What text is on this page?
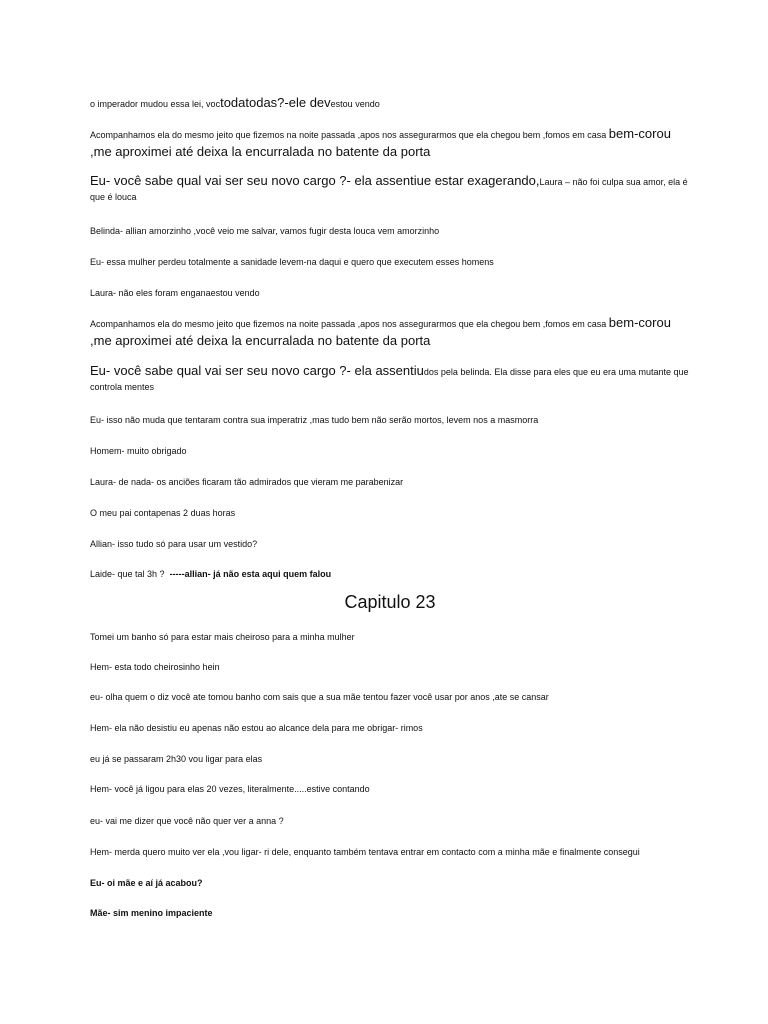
o imperador mudou essa lei, voctodatodas?-ele devestou vendo
Acompanhamos ela do mesmo jeito que fizemos na noite passada ,apos nos assegurarmos que ela chegou bem ,fomos em casa bem-corou ,me aproximei até deixa la encurralada no batente da porta
Eu- você sabe qual vai ser seu novo cargo ?- ela assentiue estar exagerando,Laura – não foi culpa sua amor, ela é que é louca
Belinda- allian amorzinho ,você veio me salvar, vamos fugir desta louca vem amorzinho
Eu- essa mulher perdeu totalmente a sanidade levem-na daqui e quero que executem esses homens
Laura- não eles foram enganaestou vendo
Acompanhamos ela do mesmo jeito que fizemos na noite passada ,apos nos assegurarmos que ela chegou bem ,fomos em casa bem-corou ,me aproximei até deixa la encurralada no batente da porta
Eu- você sabe qual vai ser seu novo cargo ?- ela assentiudos pela belinda. Ela disse para eles que eu era uma mutante que controla mentes
Eu- isso não muda que tentaram contra sua imperatriz ,mas tudo bem não serão mortos, levem nos a masmorra
Homem- muito obrigado
Laura- de nada- os anciões ficaram tão admirados que vieram me parabenizar
O meu pai contapenas 2 duas horas
Allian- isso tudo só para usar um vestido?
Laide- que tal 3h ? -----allian- já não esta aqui quem falou
Capitulo 23
Tomei um banho só para estar mais cheiroso para a minha mulher
Hem- esta todo cheirosinho hein
eu- olha quem o diz você ate tomou banho com sais que a sua mãe tentou fazer você usar por anos ,ate se cansar
Hem- ela não desistiu eu apenas não estou ao alcance dela para me obrigar- rimos
eu já se passaram 2h30 vou ligar para elas
Hem- você já ligou para elas 20 vezes, literalmente.....estive contando
eu- vai me dizer que você não quer ver a anna ?
Hem- merda quero muito ver ela ,vou ligar- ri dele, enquanto também tentava entrar em contacto com a minha mãe e finalmente consegui
Eu- oi mãe e aí já acabou?
Mãe- sim menino impaciente
